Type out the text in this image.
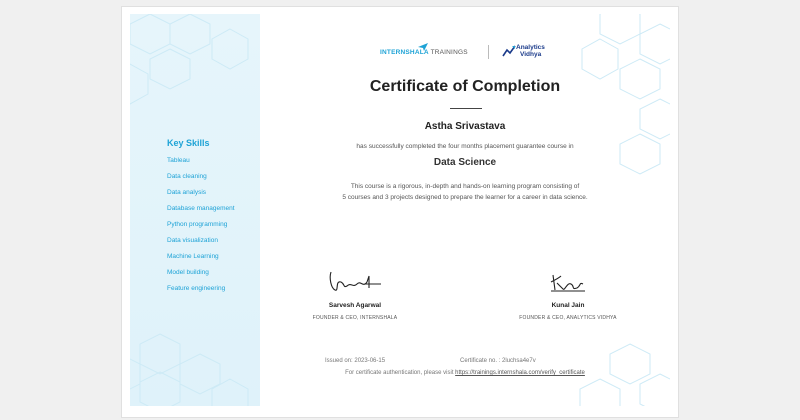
Key Skills
Tableau
Data cleaning
Data analysis
Database management
Python programming
Data visualization
Machine Learning
Model building
Feature engineering
INTERNSHALA TRAININGS
Analytics
Vidhya
Certificate of Completion
Astha Srivastava
has successfully completed the four months placement guarantee course in
Data Science
This course is a rigorous, in-depth and hands-on learning program consisting of
5 courses and 3 projects designed to prepare the learner for a career in data science.
Sarvesh Agarwal
FOUNDER & CEO, INTERNSHALA
Kunal Jain
FOUNDER & CEO, ANALYTICS VIDHYA
Issued on: 2023-06-15	Certificate no. : 2luchsa4e7v
For certificate authentication, please visit https://trainings.internshala.com/verify_certificate
